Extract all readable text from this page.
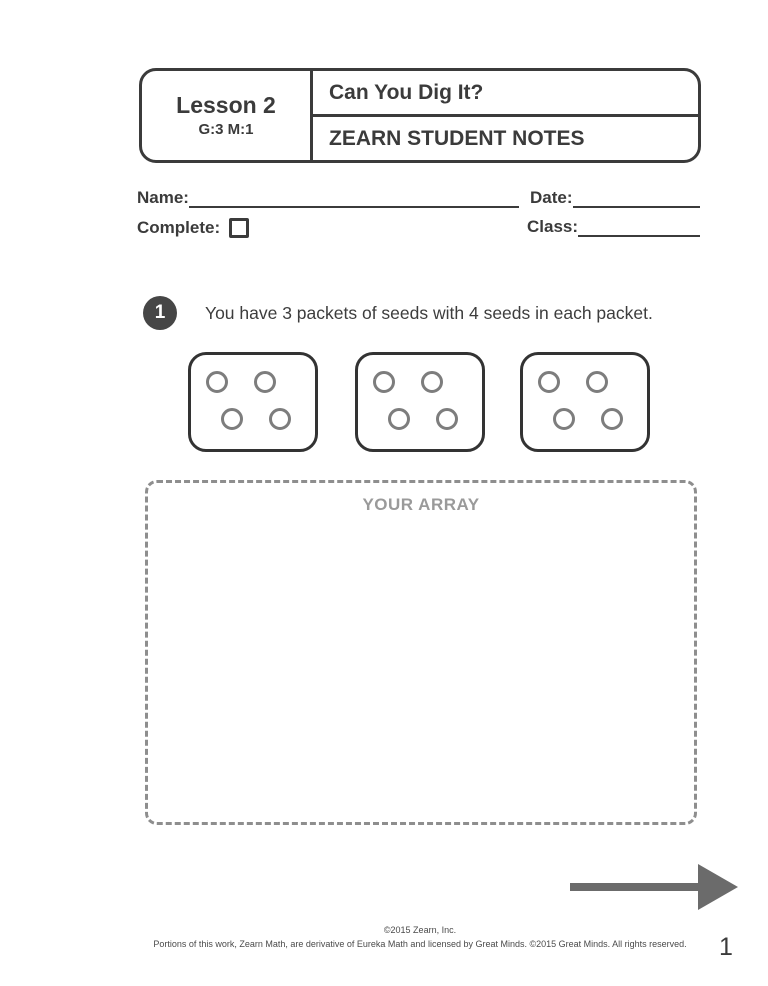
Lesson 2
G:3 M:1
Can You Dig It?
ZEARN STUDENT NOTES
Name:	Date:
Complete:	Class:
1 You have 3 packets of seeds with 4 seeds in each packet.
YOUR ARRAY
©2015 Zearn, Inc.
Portions of this work, Zearn Math, are derivative of Eureka Math and licensed by Great Minds. ©2015 Great Minds. All rights reserved.	1
